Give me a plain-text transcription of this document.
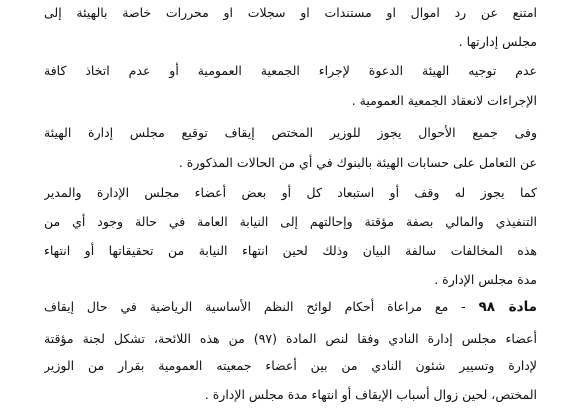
امتنع عن رد اموال او مستندات او سجلات او محررات خاصة بالهيئة إلى
مجلس إدارتها .
عدم توجيه الهيئة الدعوة لإجراء الجمعية العمومية أو عدم اتخاذ كافة
الإجراءات لانعقاد الجمعية العمومية .
وفى جميع الأحوال يجوز للوزير المختص إيقاف توقيع مجلس إدارة الهيئة
عن التعامل على حسابات الهيئة بالبنوك في أي من الحالات المذكورة .
كما يجوز له وقف أو استبعاد كل أو بعض أعضاء مجلس الإدارة والمدير
التنفيذي والمالي بصفة مؤقتة وإحالتهم إلى النيابة العامة في حالة وجود أي من
هذه المخالفات سالفة البيان وذلك لحين انتهاء النيابة من تحقيقاتها أو انتهاء
مدة مجلس الإدارة .
مادة ٩٨ - مع مراعاة أحكام لوائح النظم الأساسية الرياضية في حال إيقاف
أعضاء مجلس إدارة النادي وفقا لنص المادة (٩٧) من هذه اللائحة، تشكل لجنة مؤقتة
لإدارة وتسيير شئون النادي من بين أعضاء جمعيته العمومية بقرار من الوزير
المختص، لحين زوال أسباب الإيقاف أو انتهاء مدة مجلس الإدارة .
